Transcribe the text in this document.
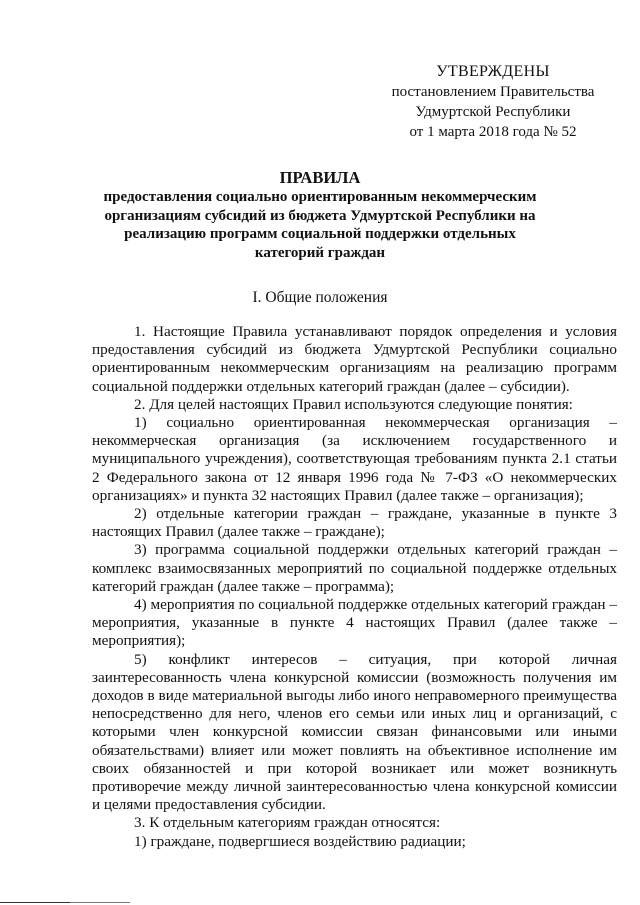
УТВЕРЖДЕНЫ
постановлением Правительства
Удмуртской Республики
от 1 марта 2018 года № 52
ПРАВИЛА
предоставления социально ориентированным некоммерческим организациям субсидий из бюджета Удмуртской Республики на реализацию программ социальной поддержки отдельных категорий граждан
I. Общие положения

1. Настоящие Правила устанавливают порядок определения и условия предоставления субсидий из бюджета Удмуртской Республики социально ориентированным некоммерческим организациям на реализацию программ социальной поддержки отдельных категорий граждан (далее – субсидии).

2. Для целей настоящих Правил используются следующие понятия:

1) социально ориентированная некоммерческая организация – некоммерческая организация (за исключением государственного и муниципального учреждения), соответствующая требованиям пункта 2.1 статьи 2 Федерального закона от 12 января 1996 года № 7-ФЗ «О некоммерческих организациях» и пункта 32 настоящих Правил (далее также – организация);

2) отдельные категории граждан – граждане, указанные в пункте 3 настоящих Правил (далее также – граждане);

3) программа социальной поддержки отдельных категорий граждан – комплекс взаимосвязанных мероприятий по социальной поддержке отдельных категорий граждан (далее также – программа);

4) мероприятия по социальной поддержке отдельных категорий граждан – мероприятия, указанные в пункте 4 настоящих Правил (далее также – мероприятия);

5) конфликт интересов – ситуация, при которой личная заинтересованность члена конкурсной комиссии (возможность получения им доходов в виде материальной выгоды либо иного неправомерного преимущества непосредственно для него, членов его семьи или иных лиц и организаций, с которыми член конкурсной комиссии связан финансовыми или иными обязательствами) влияет или может повлиять на объективное исполнение им своих обязанностей и при которой возникает или может возникнуть противоречие между личной заинтересованностью члена конкурсной комиссии и целями предоставления субсидии.

3. К отдельным категориям граждан относятся:

1) граждане, подвергшиеся воздействию радиации;
